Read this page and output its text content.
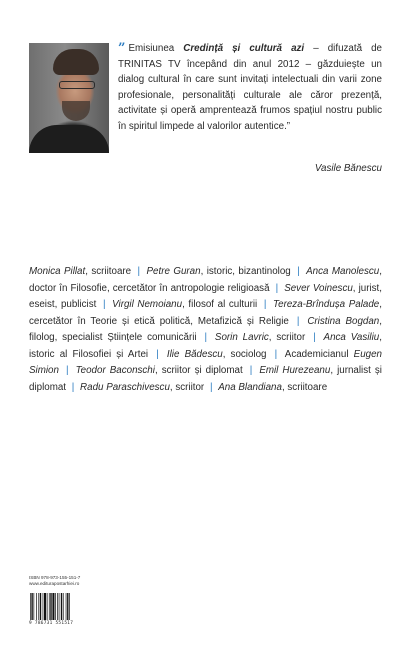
” Emisiunea Credință și cultură azi – difuzată de TRINITAS TV începând din anul 2012 – găzduiește un dialog cultural în care sunt invitați intelectuali din varii zone profesionale, personalități culturale ale căror prezență, activitate și operă amprentează frumos spațiul nostru public în spiritul limpede al valorilor autentice.”
Vasile Bănescu
Monica Pillat, scriitoare | Petre Guran, istoric, bizantinolog | Anca Manolescu, doctor în Filosofie, cercetător în antropologie religioasă | Sever Voinescu, jurist, eseist, publicist | Virgil Nemoianu, filosof al culturii | Tereza-Brîndușa Palade, cercetător în Teorie și etică politică, Metafizică și Religie | Cristina Bogdan, filolog, specialist Științele comunicării | Sorin Lavric, scriitor | Anca Vasiliu, istoric al Filosofiei și Artei | Ilie Bădescu, sociolog | Academicianul Eugen Simion | Teodor Baconschi, scriitor și diplomat | Emil Hurezeanu, jurnalist și diplomat | Radu Paraschivescu, scriitor | Ana Blandiana, scriitoare
ISBN 978-973-155-151-7
www.editurapostarhiei.ro
9 786731 551517
